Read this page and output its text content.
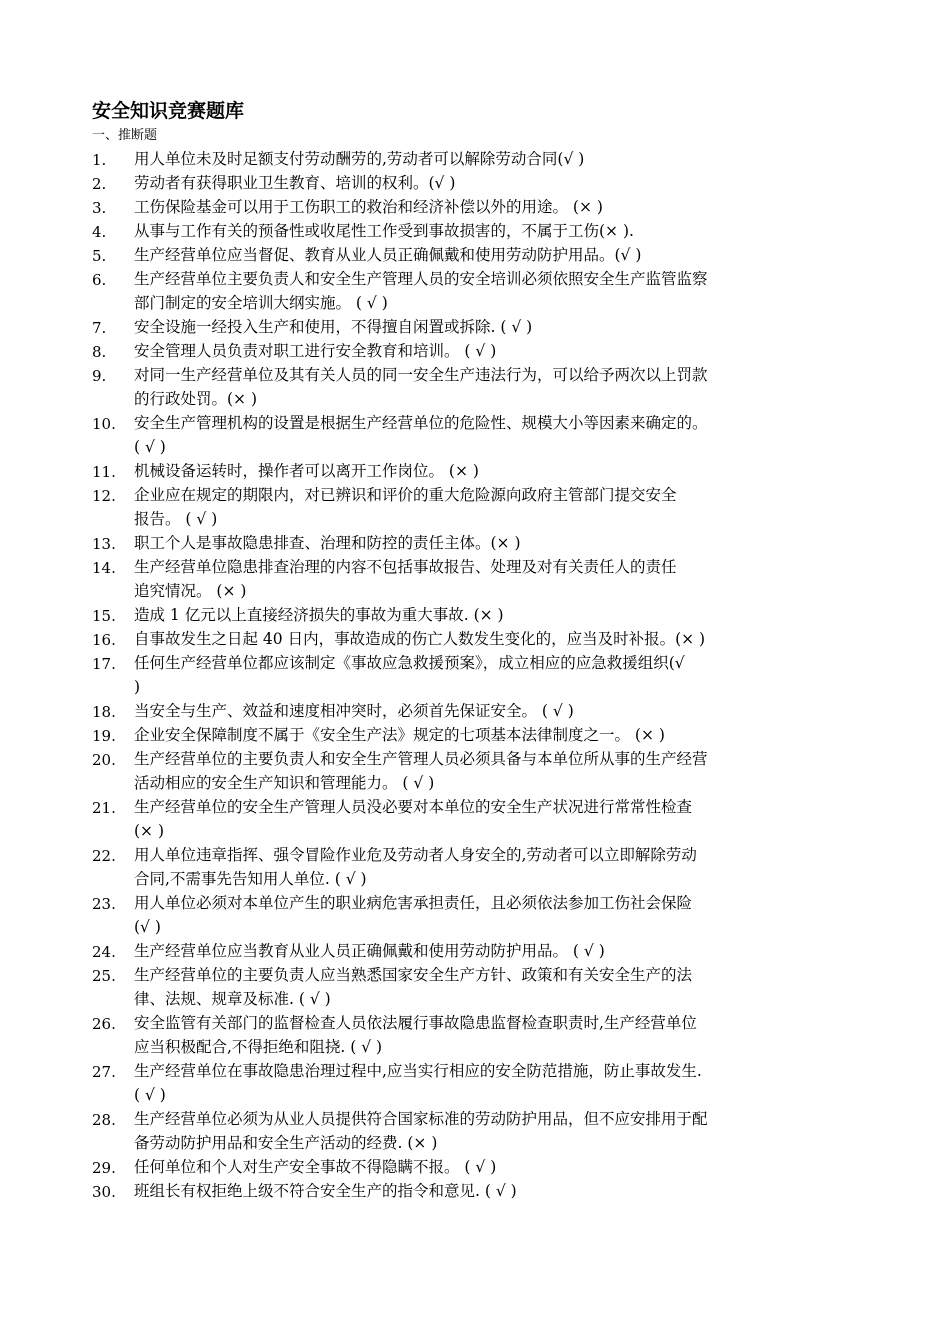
安全知识竞赛题库
一、推断题
1. 用人单位未及时足额支付劳动酬劳的,劳动者可以解除劳动合同(√ )
2. 劳动者有获得职业卫生教育、培训的权利。(√ )
3. 工伤保险基金可以用于工伤职工的救治和经济补偿以外的用途。 (× )
4. 从事与工作有关的预备性或收尾性工作受到事故损害的，不属于工伤(× ).
5. 生产经营单位应当督促、教育从业人员正确佩戴和使用劳动防护用品。(√ )
6. 生产经营单位主要负责人和安全生产管理人员的安全培训必须依照安全生产监管监察
部门制定的安全培训大纲实施。 ( √ )
7. 安全设施一经投入生产和使用，不得擅自闲置或拆除. ( √ )
8. 安全管理人员负责对职工进行安全教育和培训。 ( √ )
9. 对同一生产经营单位及其有关人员的同一安全生产违法行为，可以给予两次以上罚款
的行政处罚。(× )
10. 安全生产管理机构的设置是根据生产经营单位的危险性、规模大小等因素来确定的。
( √ )
11. 机械设备运转时，操作者可以离开工作岗位。 (× )
12. 企业应在规定的期限内，对已辨识和评价的重大危险源向政府主管部门提交安全
报告。 ( √ )
13. 职工个人是事故隐患排查、治理和防控的责任主体。(× )
14. 生产经营单位隐患排查治理的内容不包括事故报告、处理及对有关责任人的责任
追究情况。 (× )
15. 造成 1 亿元以上直接经济损失的事故为重大事故. (× )
16. 自事故发生之日起 40 日内，事故造成的伤亡人数发生变化的，应当及时补报。(× )
17. 任何生产经营单位都应该制定《事故应急救援预案》，成立相应的应急救援组织(√
)
18. 当安全与生产、效益和速度相冲突时，必须首先保证安全。 ( √ )
19. 企业安全保障制度不属于《安全生产法》规定的七项基本法律制度之一。 (× )
20. 生产经营单位的主要负责人和安全生产管理人员必须具备与本单位所从事的生产经营
活动相应的安全生产知识和管理能力。 ( √ )
21. 生产经营单位的安全生产管理人员没必要对本单位的安全生产状况进行常常性检查
(× )
22. 用人单位违章指挥、强令冒险作业危及劳动者人身安全的,劳动者可以立即解除劳动
合同,不需事先告知用人单位. ( √ )
23. 用人单位必须对本单位产生的职业病危害承担责任，且必须依法参加工伤社会保险
(√ )
24. 生产经营单位应当教育从业人员正确佩戴和使用劳动防护用品。 ( √ )
25. 生产经营单位的主要负责人应当熟悉国家安全生产方针、政策和有关安全生产的法
律、法规、规章及标准. ( √ )
26. 安全监管有关部门的监督检查人员依法履行事故隐患监督检查职责时,生产经营单位
应当积极配合,不得拒绝和阻挠. ( √ )
27. 生产经营单位在事故隐患治理过程中,应当实行相应的安全防范措施，防止事故发生.
( √ )
28. 生产经营单位必须为从业人员提供符合国家标准的劳动防护用品，但不应安排用于配
备劳动防护用品和安全生产活动的经费. (× )
29. 任何单位和个人对生产安全事故不得隐瞒不报。 ( √ )
30. 班组长有权拒绝上级不符合安全生产的指令和意见. ( √ )
